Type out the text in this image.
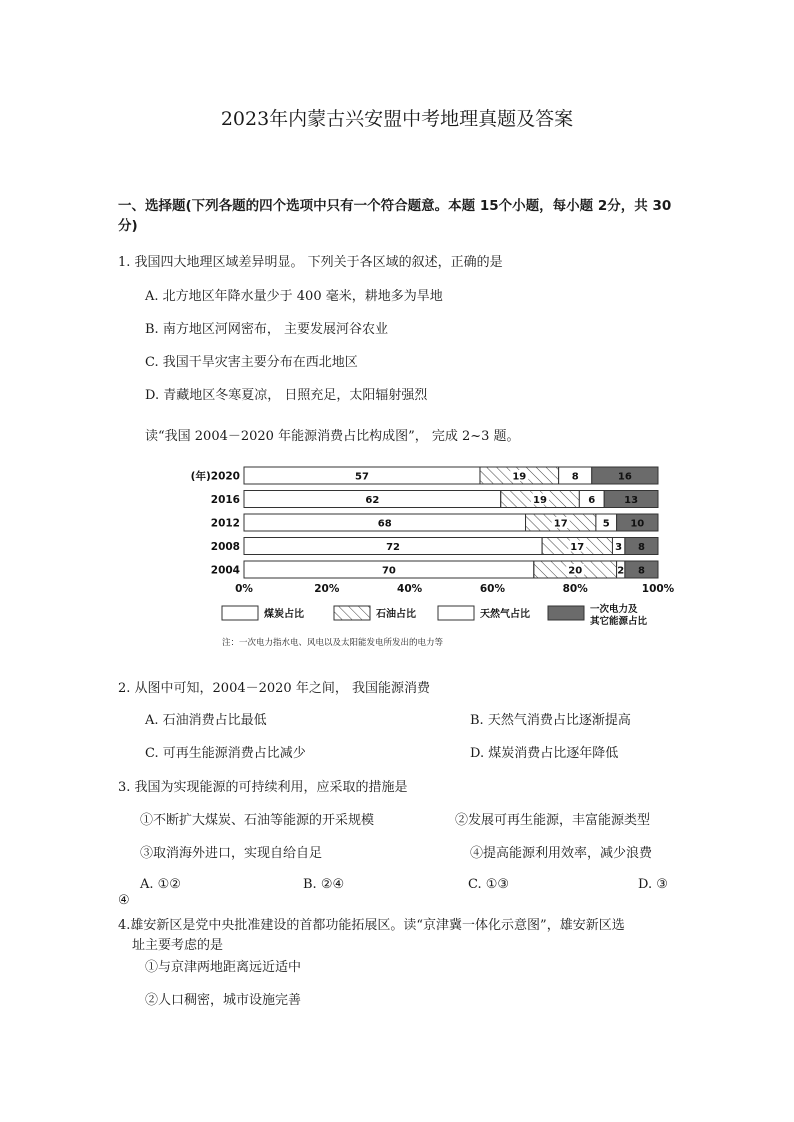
2023年内蒙古兴安盟中考地理真题及答案
一、选择题(下列各题的四个选项中只有一个符合题意。本题 15个小题，每小题 2分，共 30分)
1. 我国四大地理区域差异明显。 下列关于各区域的叙述，正确的是
A. 北方地区年降水量少于 400 毫米，耕地多为旱地
B. 南方地区河网密布， 主要发展河谷农业
C. 我国干旱灾害主要分布在西北地区
D. 青藏地区冬寒夏凉， 日照充足，太阳辐射强烈
读“我国 2004－2020 年能源消费占比构成图”， 完成 2~3 题。
(年)2020	57	19	8	16
2016	62	19	6	13
2012	68	17	5 10
2008	72	17	3 8
2004	70	20	2 8
0%	20%	40%	60%	80%	100%
煤炭占比	石油占比	天然气占比	一次电力及
其它能源占比
注：一次电力指水电、风电以及太阳能发电所发出的电力等
2. 从图中可知，2004－2020 年之间， 我国能源消费
A. 石油消费占比最低	B. 天然气消费占比逐渐提高
C. 可再生能源消费占比减少	D. 煤炭消费占比逐年降低
3. 我国为实现能源的可持续利用，应采取的措施是
①不断扩大煤炭、石油等能源的开采规模	②发展可再生能源，丰富能源类型
③取消海外进口，实现自给自足	④提高能源利用效率，减少浪费
A. ①②	B. ②④	C. ①③	D. ③
④
4.雄安新区是党中央批准建设的首都功能拓展区。读“京津冀一体化示意图”，雄安新区选
址主要考虑的是
①与京津两地距离远近适中
②人口稠密，城市设施完善
